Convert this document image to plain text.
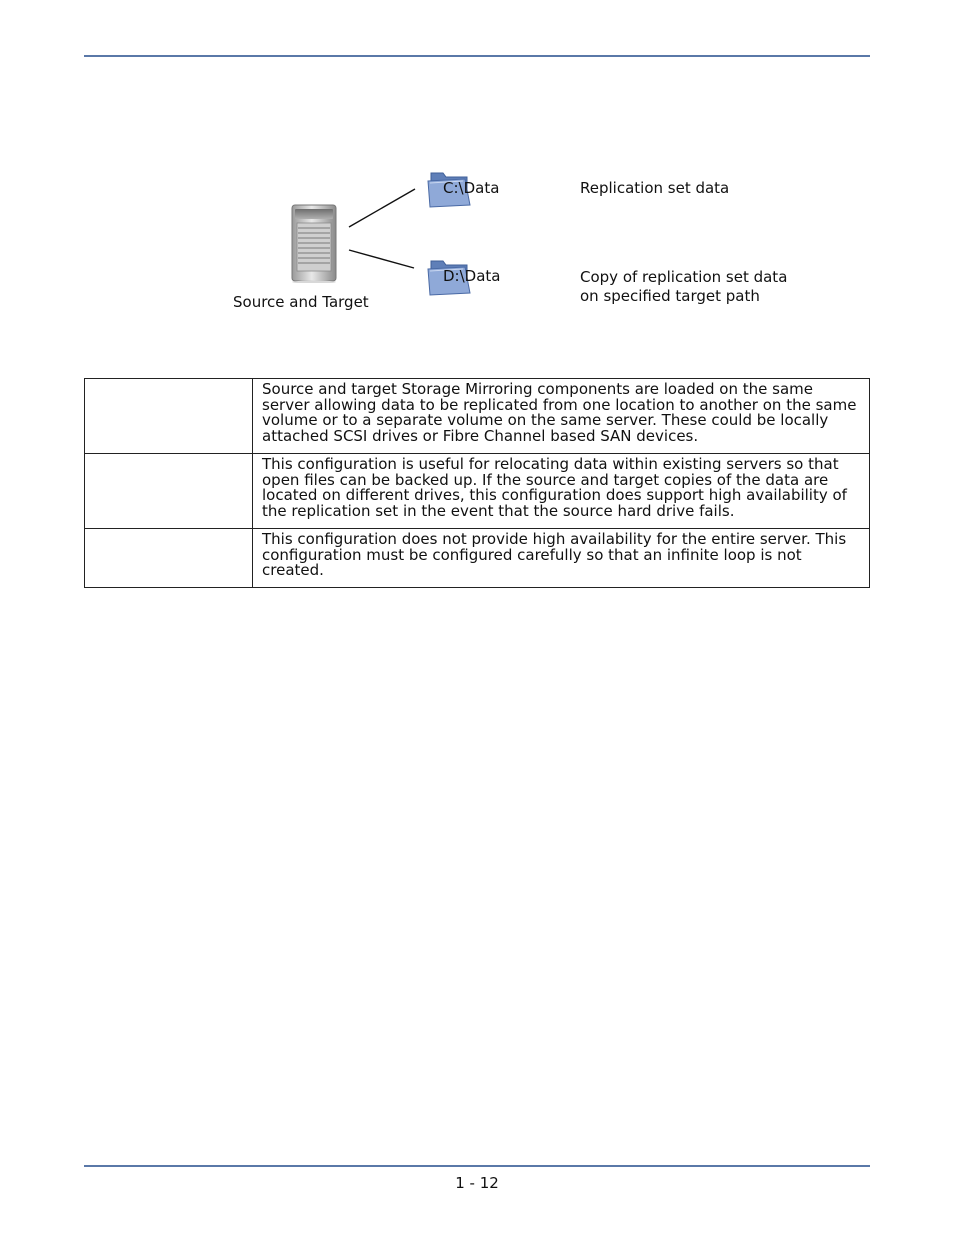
Source and Target
C:\Data
D:\Data
Replication set data
Copy of replication set data
on specified target path
	Source and target Storage Mirroring components are loaded on the same server allowing data to be replicated from one location to another on the same volume or to a separate volume on the same server. These could be locally attached SCSI drives or Fibre Channel based SAN devices.
	This configuration is useful for relocating data within existing servers so that open files can be backed up. If the source and target copies of the data are located on different drives, this configuration does support high availability of the replication set in the event that the source hard drive fails.
	This configuration does not provide high availability for the entire server. This configuration must be configured carefully so that an infinite loop is not created.
1 - 12
